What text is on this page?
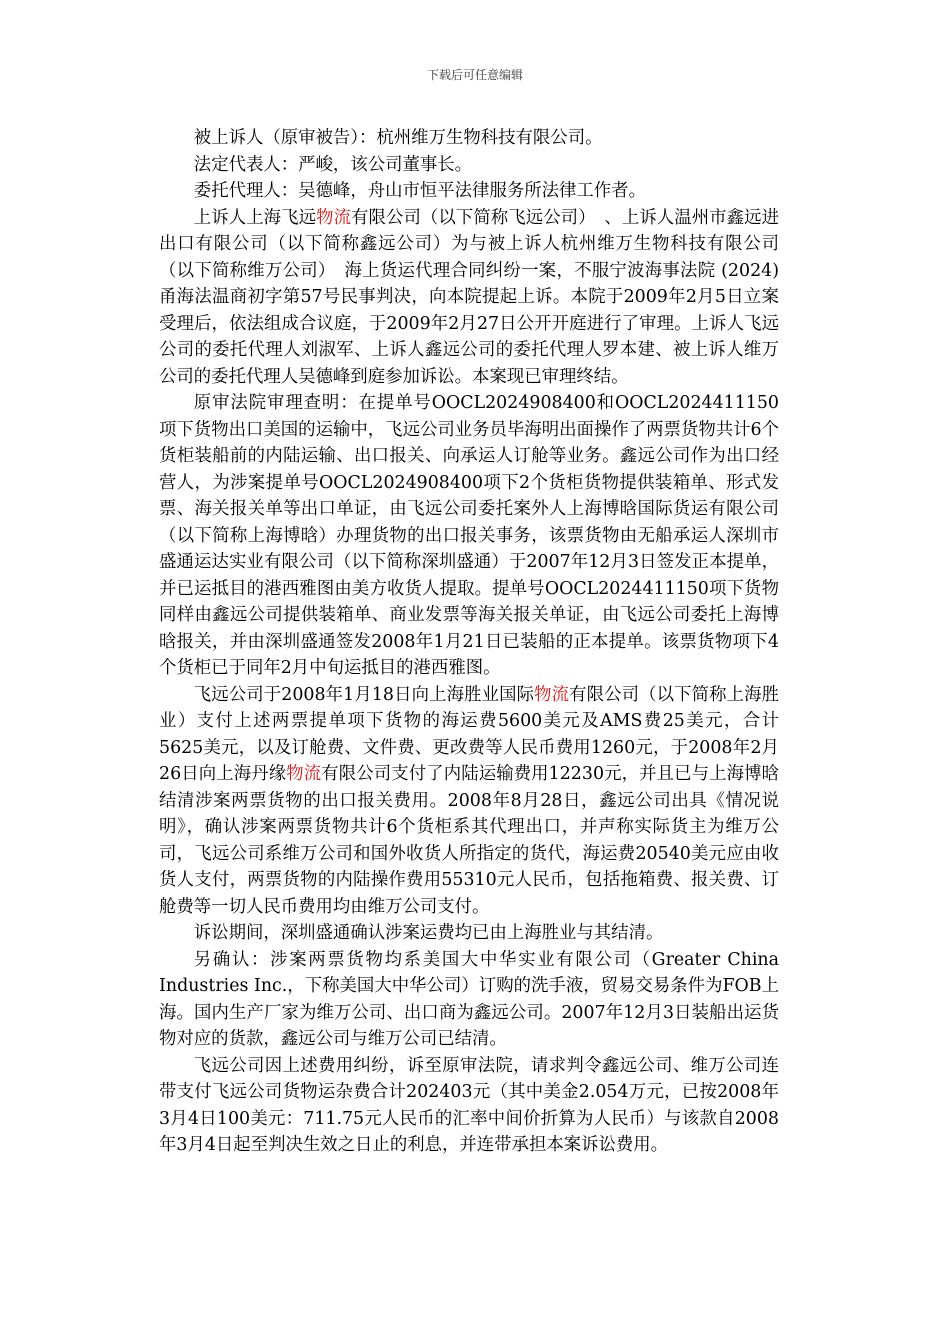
下载后可任意编辑

被上诉人（原审被告）：杭州维万生物科技有限公司。

法定代表人：严峻，该公司董事长。

委托代理人：吴德峰，舟山市恒平法律服务所法律工作者。

上诉人上海飞远物流有限公司（以下简称飞远公司）　、上诉人温州市鑫远进出口有限公司（以下简称鑫远公司）为与被上诉人杭州维万生物科技有限公司（以下简称维万公司）　海上货运代理合同纠纷一案，不服宁波海事法院 (2024)甬海法温商初字第57号民事判决，向本院提起上诉。本院于2009年2月5日立案受理后，依法组成合议庭，于2009年2月27日公开开庭进行了审理。上诉人飞远公司的委托代理人刘淑军、上诉人鑫远公司的委托代理人罗本建、被上诉人维万公司的委托代理人吴德峰到庭参加诉讼。本案现已审理终结。

原审法院审理查明：在提单号OOCL2024908400和OOCL2024411150项下货物出口美国的运输中，飞远公司业务员毕海明出面操作了两票货物共计6个货柜装船前的内陆运输、出口报关、向承运人订舱等业务。鑫远公司作为出口经营人，为涉案提单号OOCL2024908400项下2个货柜货物提供装箱单、形式发票、海关报关单等出口单证，由飞远公司委托案外人上海博晗国际货运有限公司（以下简称上海博晗）办理货物的出口报关事务，该票货物由无船承运人深圳市盛通运达实业有限公司（以下简称深圳盛通）于2007年12月3日签发正本提单，并已运抵目的港西雅图由美方收货人提取。提单号OOCL2024411150项下货物同样由鑫远公司提供装箱单、商业发票等海关报关单证，由飞远公司委托上海博晗报关，并由深圳盛通签发2008年1月21日已装船的正本提单。该票货物项下4个货柜已于同年2月中旬运抵目的港西雅图。

飞远公司于2008年1月18日向上海胜业国际物流有限公司（以下简称上海胜业）支付上述两票提单项下货物的海运费5600美元及AMS费25美元，合计5625美元，以及订舱费、文件费、更改费等人民币费用1260元，于2008年2月26日向上海丹缘物流有限公司支付了内陆运输费用12230元，并且已与上海博晗结清涉案两票货物的出口报关费用。2008年8月28日，鑫远公司出具《情况说明》，确认涉案两票货物共计6个货柜系其代理出口，并声称实际货主为维万公司，飞远公司系维万公司和国外收货人所指定的货代，海运费20540美元应由收货人支付，两票货物的内陆操作费用55310元人民币，包括拖箱费、报关费、订舱费等一切人民币费用均由维万公司支付。

诉讼期间，深圳盛通确认涉案运费均已由上海胜业与其结清。

另确认：涉案两票货物均系美国大中华实业有限公司（Greater China Industries Inc.，下称美国大中华公司）订购的洗手液，贸易交易条件为FOB上海。国内生产厂家为维万公司、出口商为鑫远公司。2007年12月3日装船出运货物对应的货款，鑫远公司与维万公司已结清。

飞远公司因上述费用纠纷，诉至原审法院，请求判令鑫远公司、维万公司连带支付飞远公司货物运杂费合计202403元（其中美金2.054万元，已按2008年3月4日100美元：711.75元人民币的汇率中间价折算为人民币）与该款自2008年3月4日起至判决生效之日止的利息，并连带承担本案诉讼费用。
